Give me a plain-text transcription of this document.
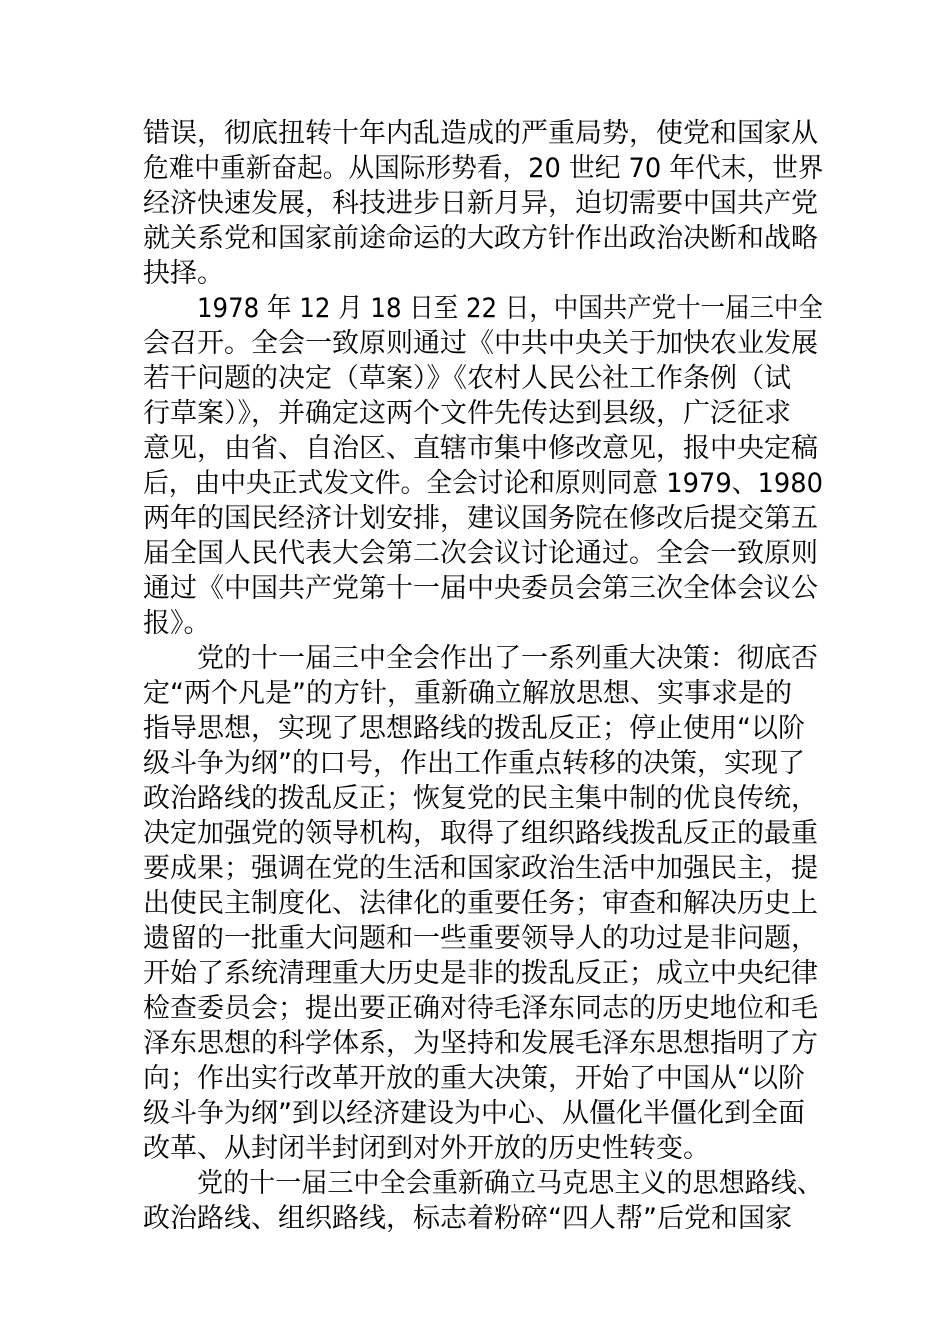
错误，彻底扭转十年内乱造成的严重局势，使党和国家从
危难中重新奋起。从国际形势看，20 世纪 70 年代末，世界
经济快速发展，科技进步日新月异，迫切需要中国共产党
就关系党和国家前途命运的大政方针作出政治决断和战略
抉择。
1978 年 12 月 18 日至 22 日，中国共产党十一届三中全
会召开。全会一致原则通过《中共中央关于加快农业发展
若干问题的决定（草案）》《农村人民公社工作条例（试
行草案）》，并确定这两个文件先传达到县级，广泛征求
意见，由省、自治区、直辖市集中修改意见，报中央定稿
后，由中央正式发文件。全会讨论和原则同意 1979、1980
两年的国民经济计划安排，建议国务院在修改后提交第五
届全国人民代表大会第二次会议讨论通过。全会一致原则
通过《中国共产党第十一届中央委员会第三次全体会议公
报》。
党的十一届三中全会作出了一系列重大决策：彻底否
定“两个凡是”的方针，重新确立解放思想、实事求是的
指导思想，实现了思想路线的拨乱反正；停止使用“以阶
级斗争为纲”的口号，作出工作重点转移的决策，实现了
政治路线的拨乱反正；恢复党的民主集中制的优良传统，
决定加强党的领导机构，取得了组织路线拨乱反正的最重
要成果；强调在党的生活和国家政治生活中加强民主，提
出使民主制度化、法律化的重要任务；审查和解决历史上
遗留的一批重大问题和一些重要领导人的功过是非问题，
开始了系统清理重大历史是非的拨乱反正；成立中央纪律
检查委员会；提出要正确对待毛泽东同志的历史地位和毛
泽东思想的科学体系，为坚持和发展毛泽东思想指明了方
向；作出实行改革开放的重大决策，开始了中国从“以阶
级斗争为纲”到以经济建设为中心、从僵化半僵化到全面
改革、从封闭半封闭到对外开放的历史性转变。
党的十一届三中全会重新确立马克思主义的思想路线、
政治路线、组织路线，标志着粉碎“四人帮”后党和国家
